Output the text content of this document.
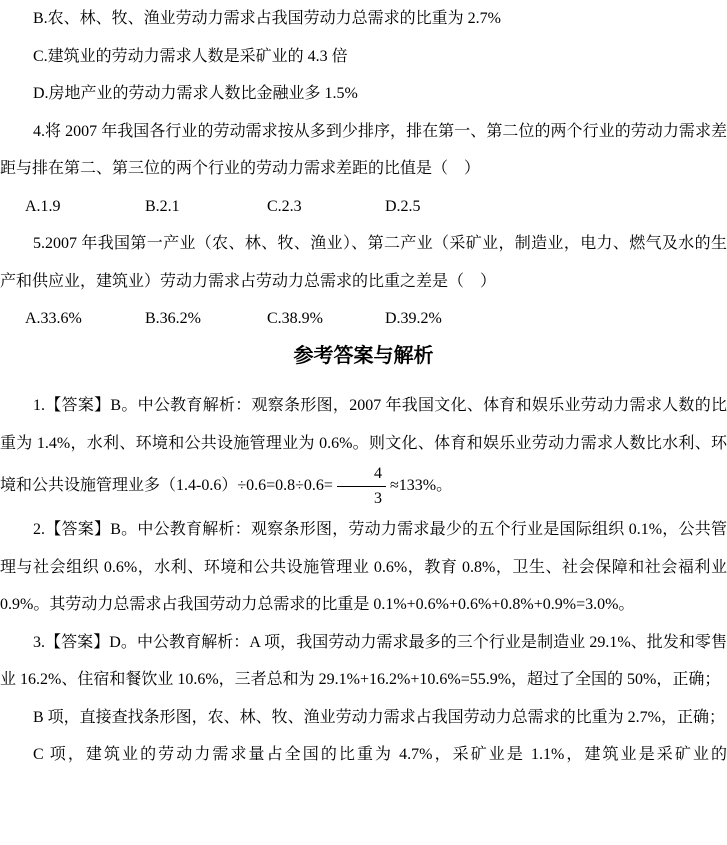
B.农、林、牧、渔业劳动力需求占我国劳动力总需求的比重为 2.7%

C.建筑业的劳动力需求人数是采矿业的 4.3 倍

D.房地产业的劳动力需求人数比金融业多 1.5%

4.将 2007 年我国各行业的劳动需求按从多到少排序，排在第一、第二位的两个行业的劳动力需求差距与排在第二、第三位的两个行业的劳动力需求差距的比值是（　）

A.1.9	B.2.1	C.2.3	D.2.5

5.2007 年我国第一产业（农、林、牧、渔业）、第二产业（采矿业，制造业，电力、燃气及水的生产和供应业，建筑业）劳动力需求占劳动力总需求的比重之差是（　）

A.33.6%	B.36.2%	C.38.9%	D.39.2%
参考答案与解析

1.【答案】B。中公教育解析：观察条形图，2007 年我国文化、体育和娱乐业劳动力需求人数的比重为 1.4%，水利、环境和公共设施管理业为 0.6%。则文化、体育和娱乐业劳动力需求人数比水利、环境和公共设施管理业多$(1.4-0.6)\div 0.6=0.8\div 0.6= \frac{4}{3} \approx 133\%$。

2.【答案】B。中公教育解析：观察条形图，劳动力需求最少的五个行业是国际组织 0.1%，公共管理与社会组织 0.6%，水利、环境和公共设施管理业 0.6%，教育 0.8%，卫生、社会保障和社会福利业 0.9%。其劳动力总需求占我国劳动力总需求的比重是 0.1%+0.6%+0.6%+0.8%+0.9%=3.0%。

3.【答案】D。中公教育解析：A 项，我国劳动力需求最多的三个行业是制造业 29.1%、批发和零售业 16.2%、住宿和餐饮业 10.6%，三者总和为 29.1%+16.2%+10.6%=55.9%，超过了全国的 50%，正确；

B 项，直接查找条形图，农、林、牧、渔业劳动力需求占我国劳动力总需求的比重为 2.7%，正确；

C 项，建筑业的劳动力需求量占全国的比重为 4.7%，采矿业是 1.1%，建筑业是采矿业的
